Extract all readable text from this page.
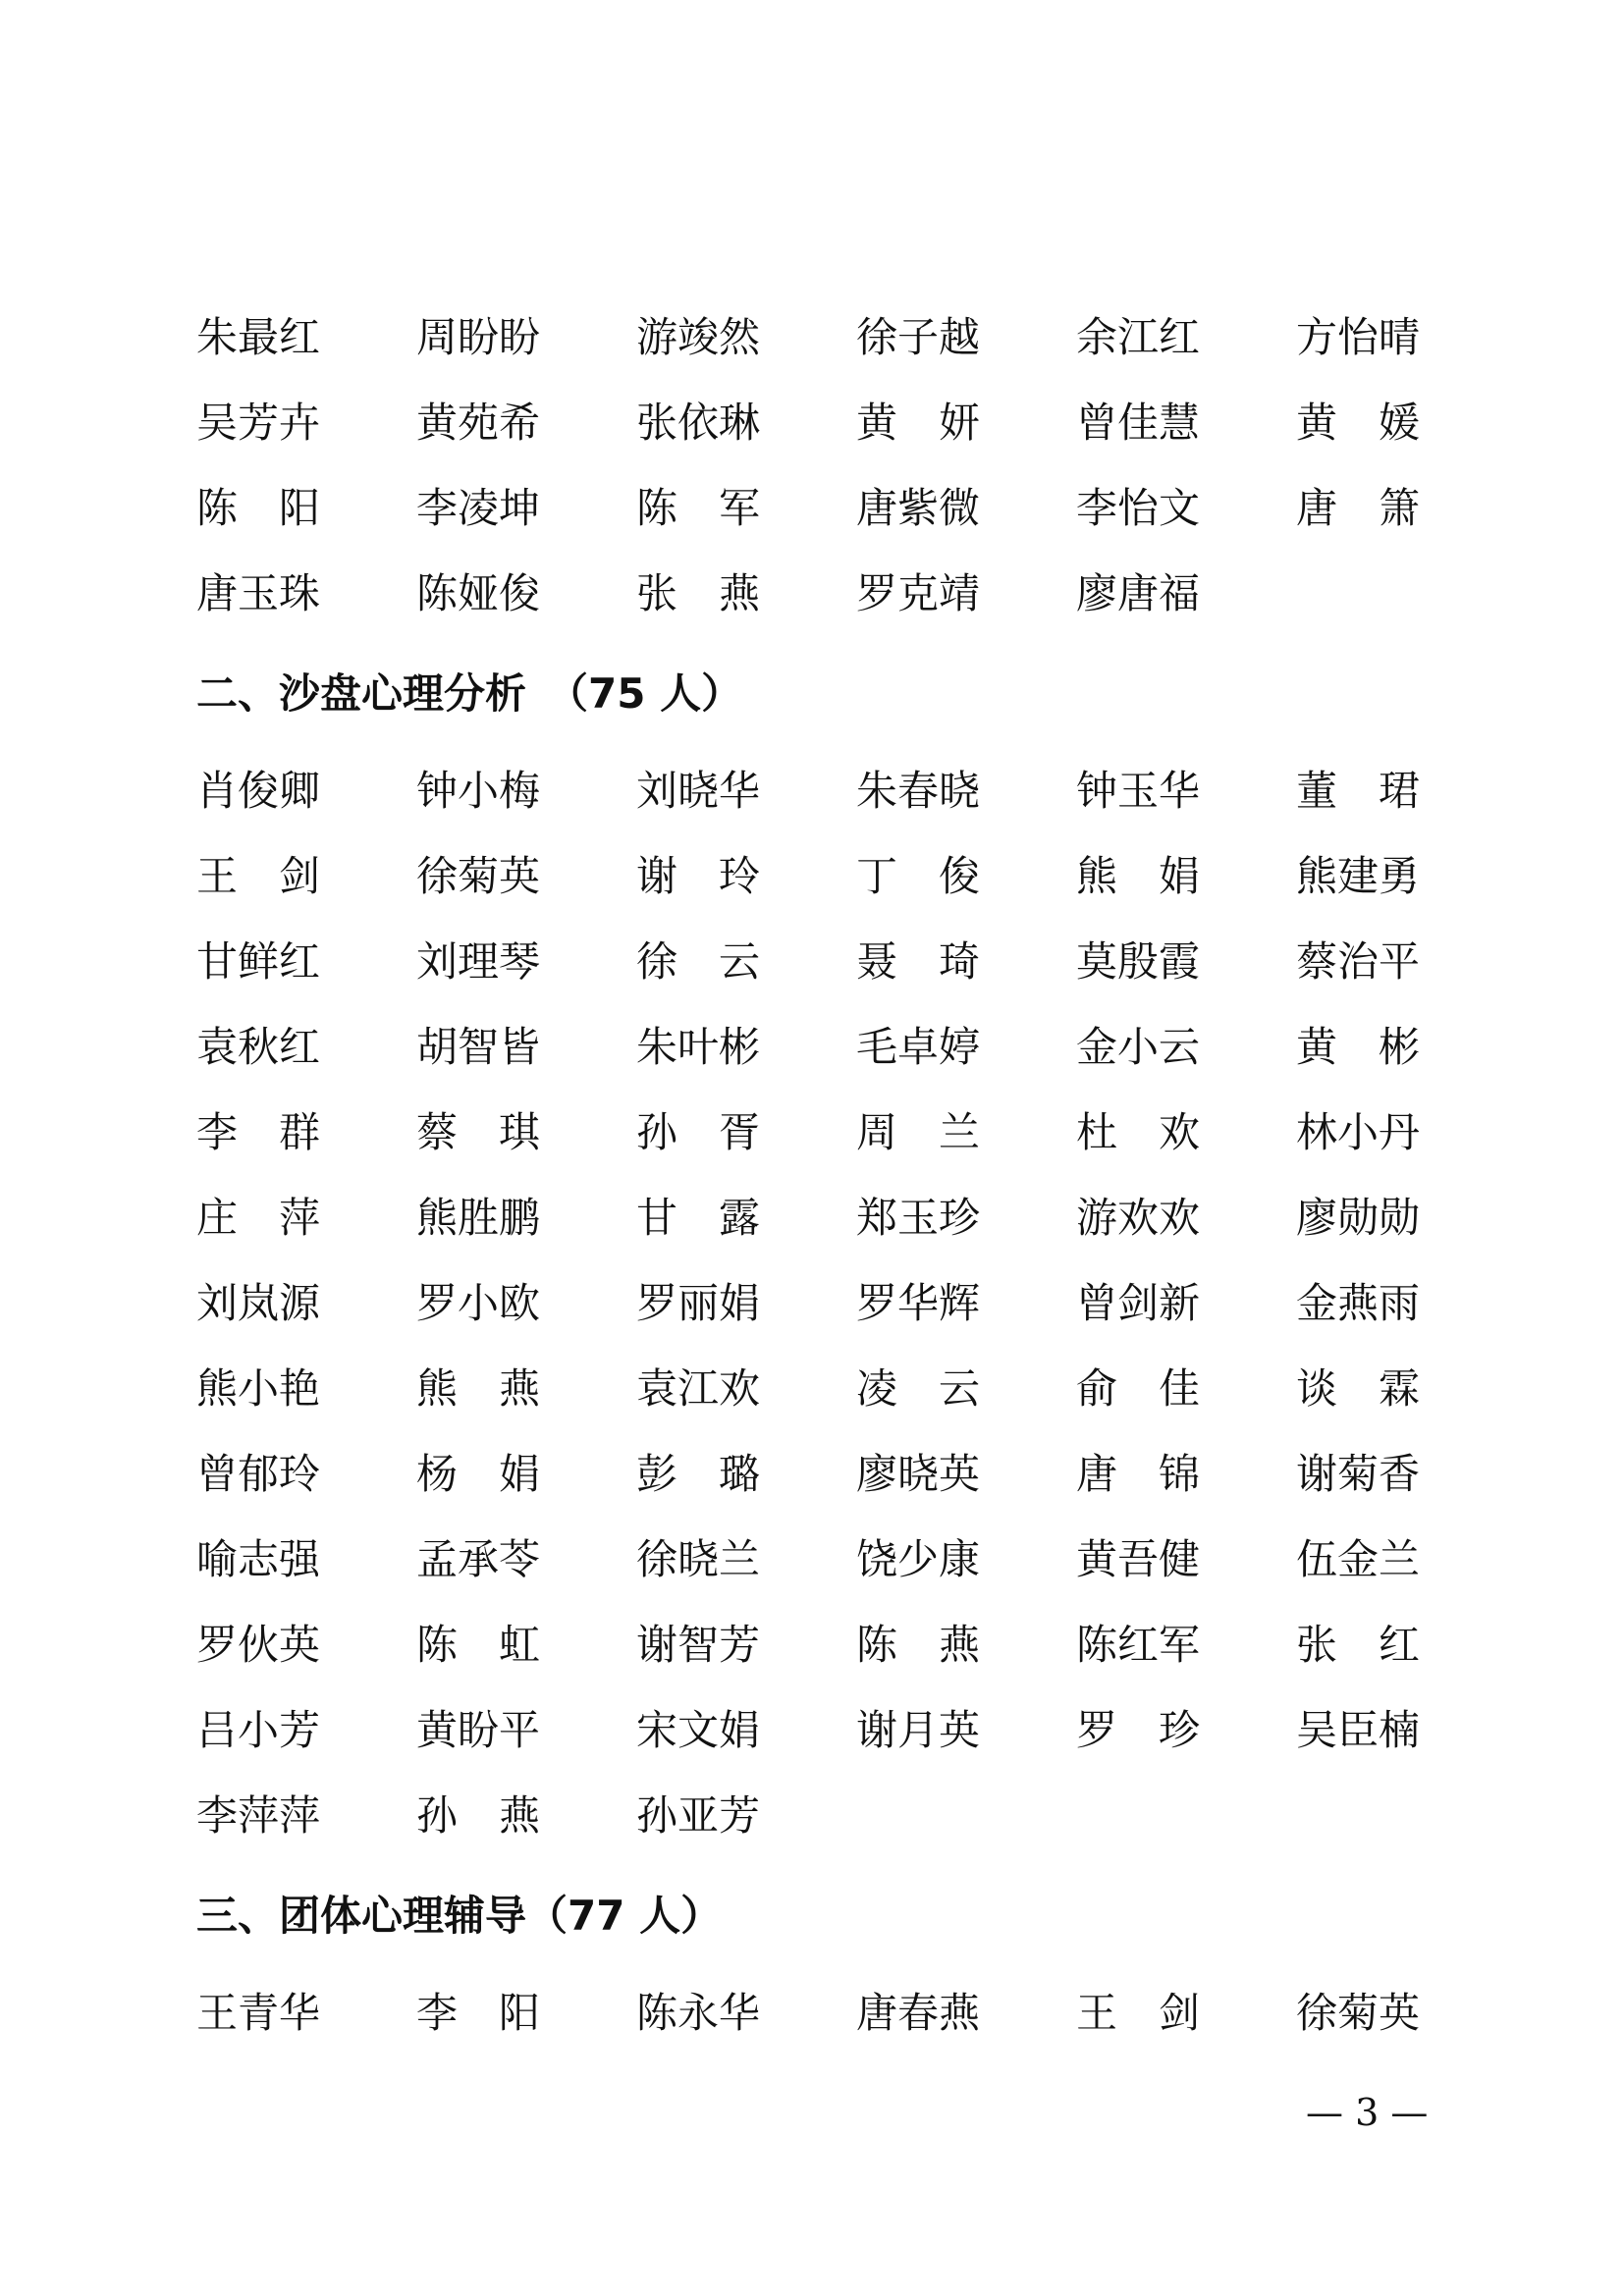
朱最红	周盼盼	游竣然	徐子越	余江红	方怡晴
吴芳卉	黄苑希	张依琳	黄　妍	曾佳慧	黄　媛
陈　阳	李凌坤	陈　军	唐紫微	李怡文	唐　箫
唐玉珠	陈娅俊	张　燕	罗克靖	廖唐福
二、沙盘心理分析　（75 人）
肖俊卿	钟小梅	刘晓华	朱春晓	钟玉华	董　珺
王　剑	徐菊英	谢　玲	丁　俊	熊　娟	熊建勇
甘鲜红	刘理琴	徐　云	聂　琦	莫殷霞	蔡治平
袁秋红	胡智皆	朱叶彬	毛卓婷	金小云	黄　彬
李　群	蔡　琪	孙　胥	周　兰	杜　欢	林小丹
庄　萍	熊胜鹏	甘　露	郑玉珍	游欢欢	廖勋勋
刘岚源	罗小欧	罗丽娟	罗华辉	曾剑新	金燕雨
熊小艳	熊　燕	袁江欢	凌　云	俞　佳	谈　霖
曾郁玲	杨　娟	彭　璐	廖晓英	唐　锦	谢菊香
喻志强	孟承苓	徐晓兰	饶少康	黄吾健	伍金兰
罗伙英	陈　虹	谢智芳	陈　燕	陈红军	张　红
吕小芳	黄盼平	宋文娟	谢月英	罗　珍	吴臣楠
李萍萍	孙　燕	孙亚芳
三、团体心理辅导（77 人）
王青华	李　阳	陈永华	唐春燕	王　剑	徐菊英
— 3 —
